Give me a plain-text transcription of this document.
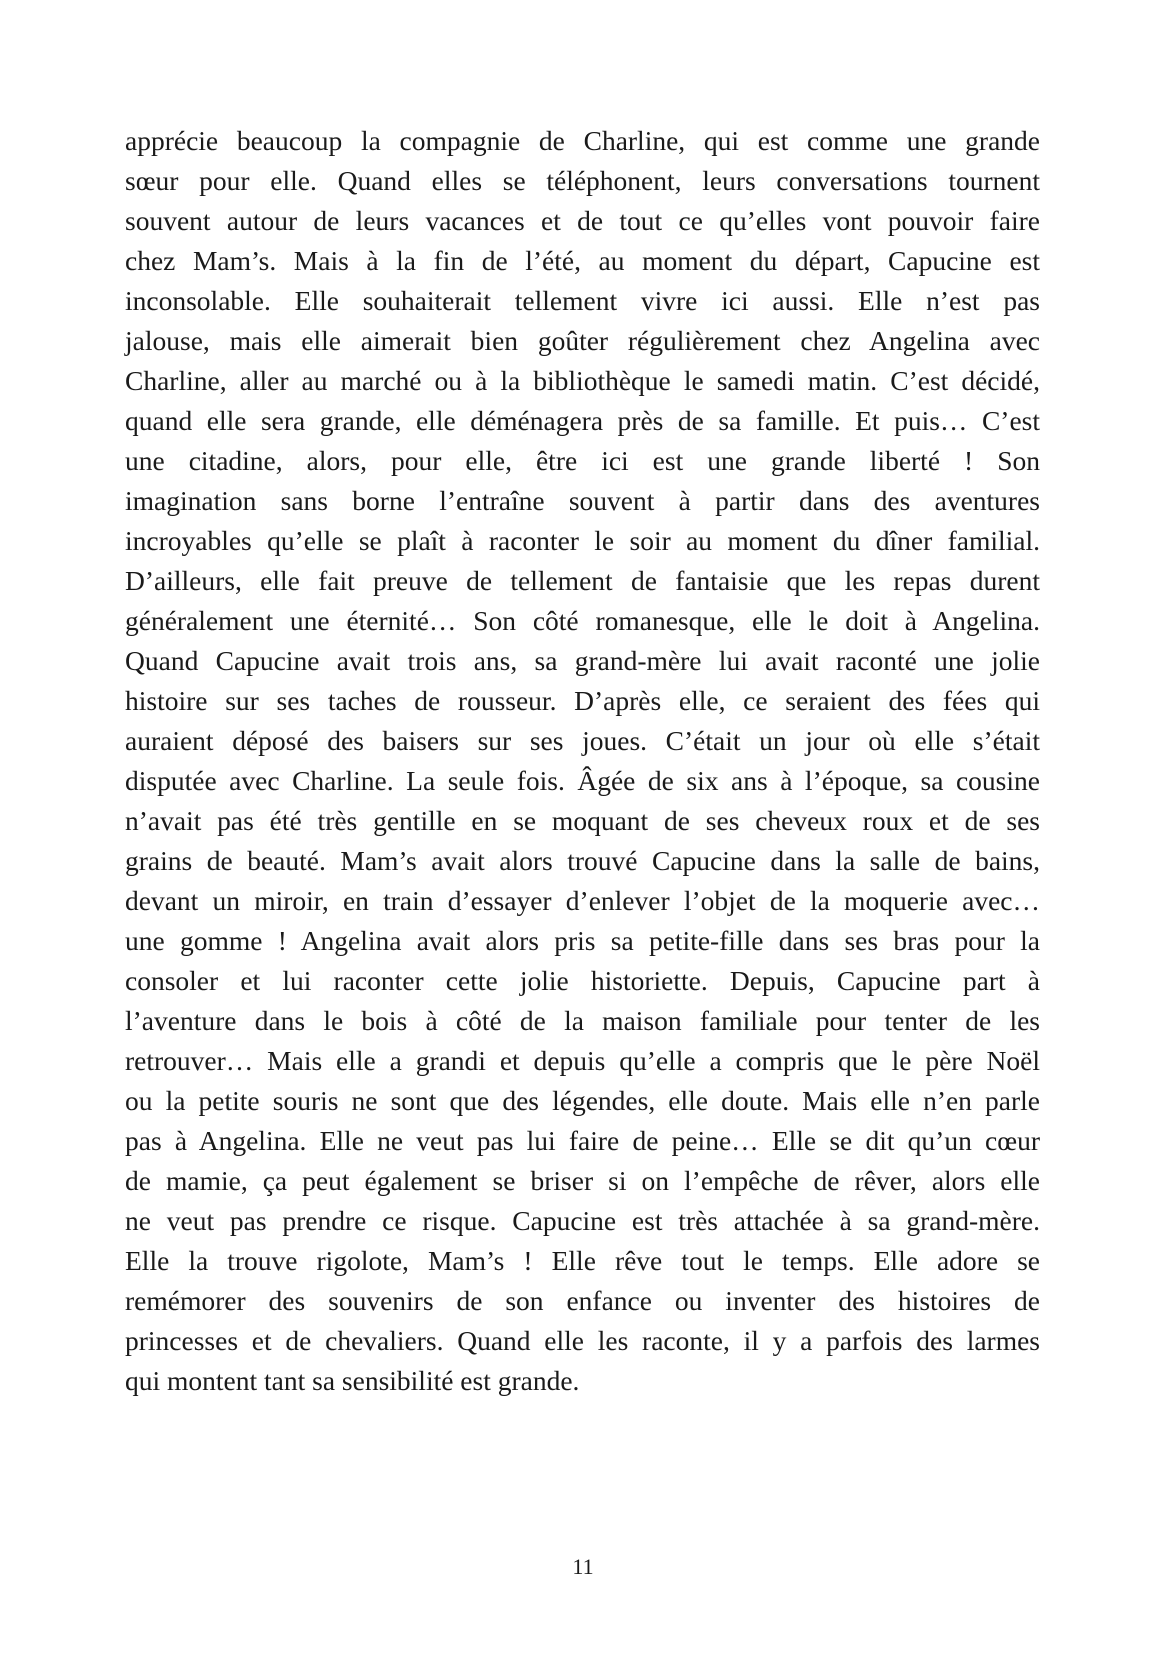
apprécie beaucoup la compagnie de Charline, qui est comme une grande
sœur pour elle. Quand elles se téléphonent, leurs conversations tournent
souvent autour de leurs vacances et de tout ce qu’elles vont pouvoir faire
chez Mam’s. Mais à la fin de l’été, au moment du départ, Capucine est
inconsolable. Elle souhaiterait tellement vivre ici aussi. Elle n’est pas
jalouse, mais elle aimerait bien goûter régulièrement chez Angelina avec
Charline, aller au marché ou à la bibliothèque le samedi matin. C’est décidé,
quand elle sera grande, elle déménagera près de sa famille. Et puis… C’est
une citadine, alors, pour elle, être ici est une grande liberté ! Son
imagination sans borne l’entraîne souvent à partir dans des aventures
incroyables qu’elle se plaît à raconter le soir au moment du dîner familial.
D’ailleurs, elle fait preuve de tellement de fantaisie que les repas durent
généralement une éternité… Son côté romanesque, elle le doit à Angelina.
Quand Capucine avait trois ans, sa grand-mère lui avait raconté une jolie
histoire sur ses taches de rousseur. D’après elle, ce seraient des fées qui
auraient déposé des baisers sur ses joues. C’était un jour où elle s’était
disputée avec Charline. La seule fois. Âgée de six ans à l’époque, sa cousine
n’avait pas été très gentille en se moquant de ses cheveux roux et de ses
grains de beauté. Mam’s avait alors trouvé Capucine dans la salle de bains,
devant un miroir, en train d’essayer d’enlever l’objet de la moquerie avec…
une gomme ! Angelina avait alors pris sa petite-fille dans ses bras pour la
consoler et lui raconter cette jolie historiette. Depuis, Capucine part à
l’aventure dans le bois à côté de la maison familiale pour tenter de les
retrouver… Mais elle a grandi et depuis qu’elle a compris que le père Noël
ou la petite souris ne sont que des légendes, elle doute. Mais elle n’en parle
pas à Angelina. Elle ne veut pas lui faire de peine… Elle se dit qu’un cœur
de mamie, ça peut également se briser si on l’empêche de rêver, alors elle
ne veut pas prendre ce risque. Capucine est très attachée à sa grand-mère.
Elle la trouve rigolote, Mam’s ! Elle rêve tout le temps. Elle adore se
remémorer des souvenirs de son enfance ou inventer des histoires de
princesses et de chevaliers. Quand elle les raconte, il y a parfois des larmes
qui montent tant sa sensibilité est grande.
11
